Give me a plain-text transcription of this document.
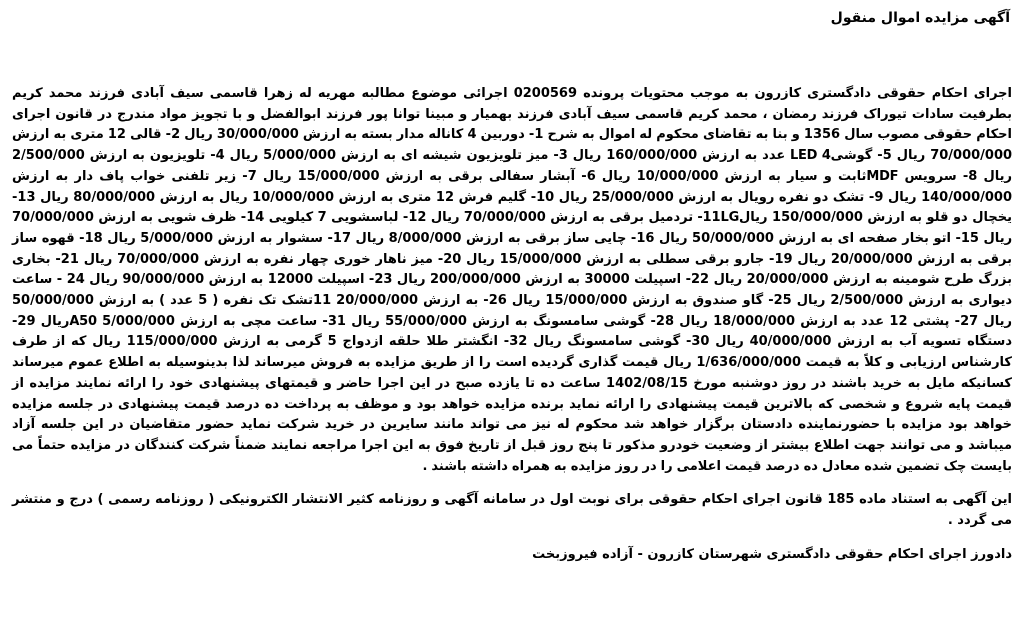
آگهی مزایده اموال منقول
اجرای احکام حقوقی دادگستری کازرون به موجب محتویات پرونده 0200569 اجرائی موضوع مطالبه مهریه له زهرا قاسمی سیف آبادی فرزند محمد کریم بطرفیت سادات تیوراک فرزند رمضان ، محمد کریم قاسمی سیف آبادی فرزند بهمیار و مبینا توانا پور فرزند ابوالفضل و با تجویز مواد مندرج در قانون اجرای احکام حقوقی مصوب سال 1356 و بنا به تقاضای محکوم له اموال به شرح 1- دوربین 4 کاناله مدار بسته به ارزش 30/000/000 ریال 2- قالی 12 متری به ارزش 70/000/000 ریال 5- گوشیLED 4 عدد به ارزش 160/000/000 ریال 3- میز تلویزیون شیشه ای به ارزش 5/000/000 ریال 4- تلویزیون به ارزش 2/500/000 ریال 8- سرویس MDFثابت و سیار به ارزش 10/000/000 ریال 6- آبشار سفالی برقی به ارزش 15/000/000 ریال 7- زیر تلفنی خواب پاف دار به ارزش 140/000/000 ریال 9- تشک دو نفره رویال به ارزش 25/000/000 ریال 10- گلیم فرش 12 متری به ارزش 10/000/000 ریال به ارزش 80/000/000 ریال 13- یخچال دو قلو به ارزش 150/000/000 ریال11LG- تردمیل برقی به ارزش 70/000/000 ریال 12- لباسشویی 7 کیلویی 14- ظرف شویی به ارزش 70/000/000 ریال 15- اتو بخار صفحه ای به ارزش 50/000/000 ریال 16- چایی ساز برقی به ارزش 8/000/000 ریال 17- سشوار به ارزش 5/000/000 ریال 18- قهوه ساز برقی به ارزش 20/000/000 ریال 19- جارو برقی سطلی به ارزش 15/000/000 ریال 20- میز ناهار خوری چهار نفره به ارزش 70/000/000 ریال 21- بخاری بزرگ طرح شومینه به ارزش 20/000/000 ریال 22- اسپیلت 30000 به ارزش 200/000/000 ریال 23- اسپیلت 12000 به ارزش 90/000/000 ریال 24 - ساعت دیواری به ارزش 2/500/000 ریال 25- گاو صندوق به ارزش 15/000/000 ریال 26- به ارزش 20/000/000 11تشک تک نفره ( 5 عدد ) به ارزش 50/000/000 ریال 27- پشتی 12 عدد به ارزش 18/000/000 ریال 28- گوشی سامسونگ به ارزش 55/000/000 ریال 31- ساعت مچی به ارزش 5/000/000 A50ریال 29- دستگاه تسویه آب به ارزش 40/000/000 ریال 30- گوشی سامسونگ ریال 32- انگشتر طلا حلقه ازدواج 5 گرمی به ارزش 115/000/000 ریال که از طرف کارشناس ارزیابی و کلاً به قیمت 1/636/000/000 ریال قیمت گذاری گردیده است را از طریق مزایده به فروش میرساند لذا بدینوسیله به اطلاع عموم میرساند کسانیکه مایل به خرید باشند در روز دوشنبه مورخ 1402/08/15 ساعت ده تا یازده صبح در این اجرا حاضر و قیمتهای پیشنهادی خود را ارائه نمایند مزایده از قیمت پایه شروع و شخصی که بالاترین قیمت پیشنهادی را ارائه نماید برنده مزایده خواهد بود و موظف به پرداخت ده درصد قیمت پیشنهادی در جلسه مزایده خواهد بود مزایده با حضورنماینده دادستان برگزار خواهد شد محکوم له نیز می تواند مانند سایرین در خرید شرکت نماید حضور متقاضیان در این جلسه آزاد میباشد و می توانند جهت اطلاع بیشتر از وضعیت خودرو مذکور تا پنج روز قبل از تاریخ فوق به این اجرا مراجعه نمایند ضمناً شرکت کنندگان در مزایده حتماً می بایست چک تضمین شده معادل ده درصد قیمت اعلامی را در روز مزایده به همراه داشته باشند .
این آگهی به استناد ماده 185 قانون اجرای احکام حقوقی برای نوبت اول در سامانه آگهی و روزنامه کثیر الانتشار الکترونیکی ( روزنامه رسمی ) درج و منتشر می گردد .
دادورز اجرای احکام حقوقی دادگستری شهرستان کازرون - آزاده فیروزبخت
